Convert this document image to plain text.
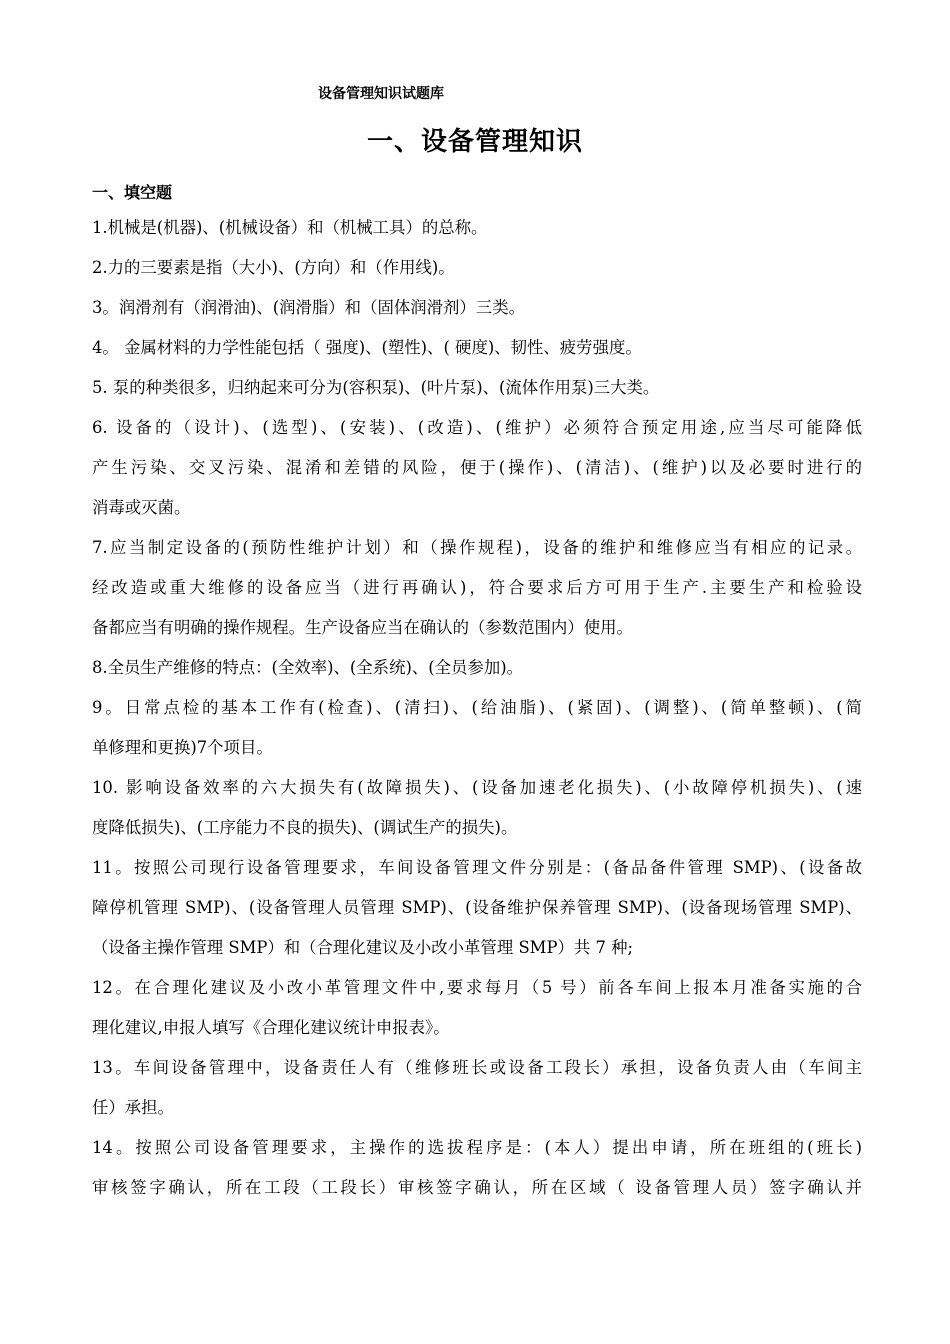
设备管理知识试题库
一、设备管理知识
一、填空题
1.机械是(机器)、(机械设备）和（机械工具）的总称。
2.力的三要素是指（大小)、(方向）和（作用线)。
3。润滑剂有（润滑油)、(润滑脂）和（固体润滑剂）三类。
4。 金属材料的力学性能包括（ 强度)、(塑性)、( 硬度)、韧性、疲劳强度。
5. 泵的种类很多，归纳起来可分为(容积泵)、(叶片泵)、(流体作用泵)三大类。
6. 设备的（设计)、(选型)、(安装)、(改造)、(维护）必须符合预定用途,应当尽可能降低
产生污染、交叉污染、混淆和差错的风险，便于(操作)、(清洁)、(维护)以及必要时进行的
消毒或灭菌。
7.应当制定设备的(预防性维护计划）和（操作规程)，设备的维护和维修应当有相应的记录。
经改造或重大维修的设备应当（进行再确认)，符合要求后方可用于生产.主要生产和检验设
备都应当有明确的操作规程。生产设备应当在确认的（参数范围内）使用。
8.全员生产维修的特点：(全效率)、(全系统)、(全员参加)。
9。日常点检的基本工作有(检查)、(清扫)、(给油脂)、(紧固)、(调整)、(简单整顿)、(简
单修理和更换)7个项目。
10. 影响设备效率的六大损失有(故障损失)、(设备加速老化损失)、(小故障停机损失)、(速
度降低损失)、(工序能力不良的损失)、(调试生产的损失)。
11。按照公司现行设备管理要求，车间设备管理文件分别是：(备品备件管理 SMP)、(设备故
障停机管理 SMP)、(设备管理人员管理 SMP)、(设备维护保养管理 SMP)、(设备现场管理 SMP)、
（设备主操作管理 SMP）和（合理化建议及小改小革管理 SMP）共 7 种;
12。在合理化建议及小改小革管理文件中,要求每月（5 号）前各车间上报本月准备实施的合
理化建议,申报人填写《合理化建议统计申报表》。
13。车间设备管理中，设备责任人有（维修班长或设备工段长）承担，设备负责人由（车间主
任）承担。
14。按照公司设备管理要求，主操作的选拔程序是：(本人）提出申请，所在班组的(班长)
审核签字确认，所在工段（工段长）审核签字确认，所在区域（ 设备管理人员）签字确认并
